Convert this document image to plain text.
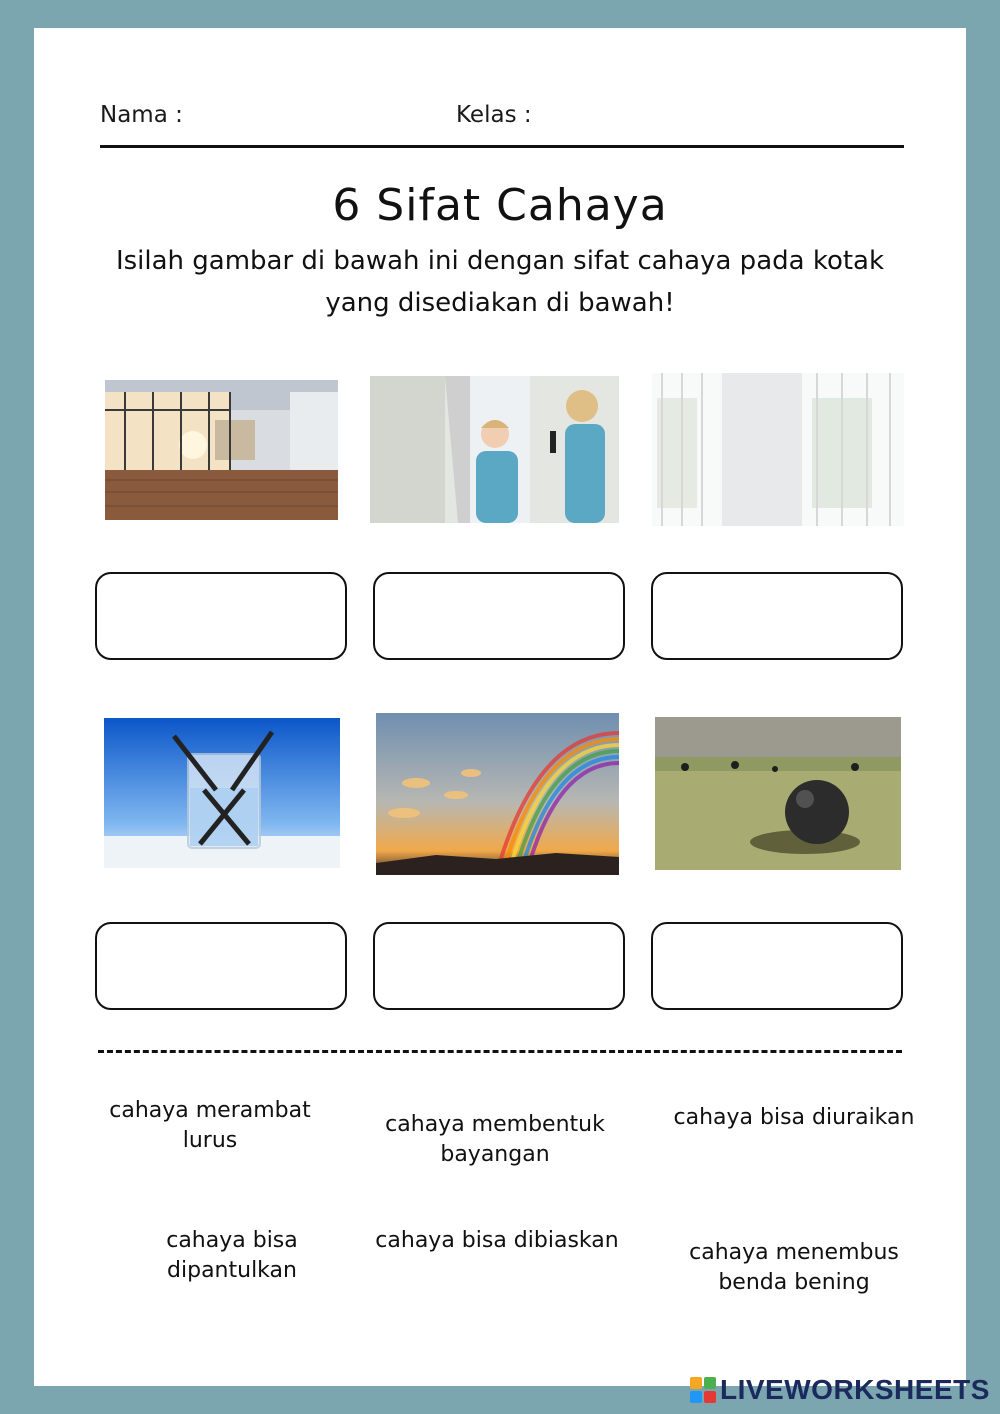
Nama :	Kelas :
6 Sifat Cahaya
Isilah gambar di bawah ini dengan sifat cahaya pada kotak yang disediakan di bawah!
cahaya merambat lurus
cahaya membentuk bayangan
cahaya bisa diuraikan
cahaya bisa dipantulkan
cahaya bisa dibiaskan	cahaya menembus benda bening
LIVEWORKSHEETS
